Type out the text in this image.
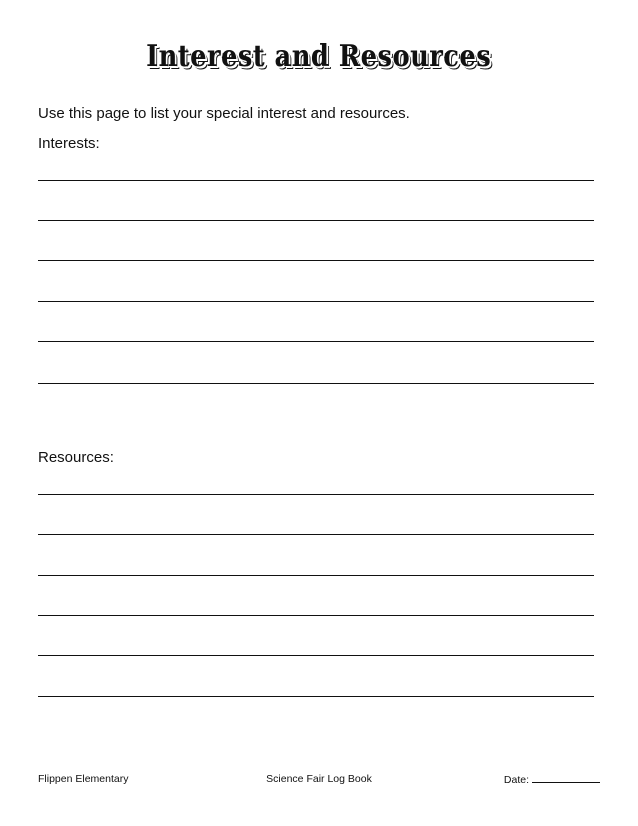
Interest and Resources

Use this page to list your special interest and resources.

Interests:

Resources:

Flippen Elementary	Science Fair Log Book	Date:
